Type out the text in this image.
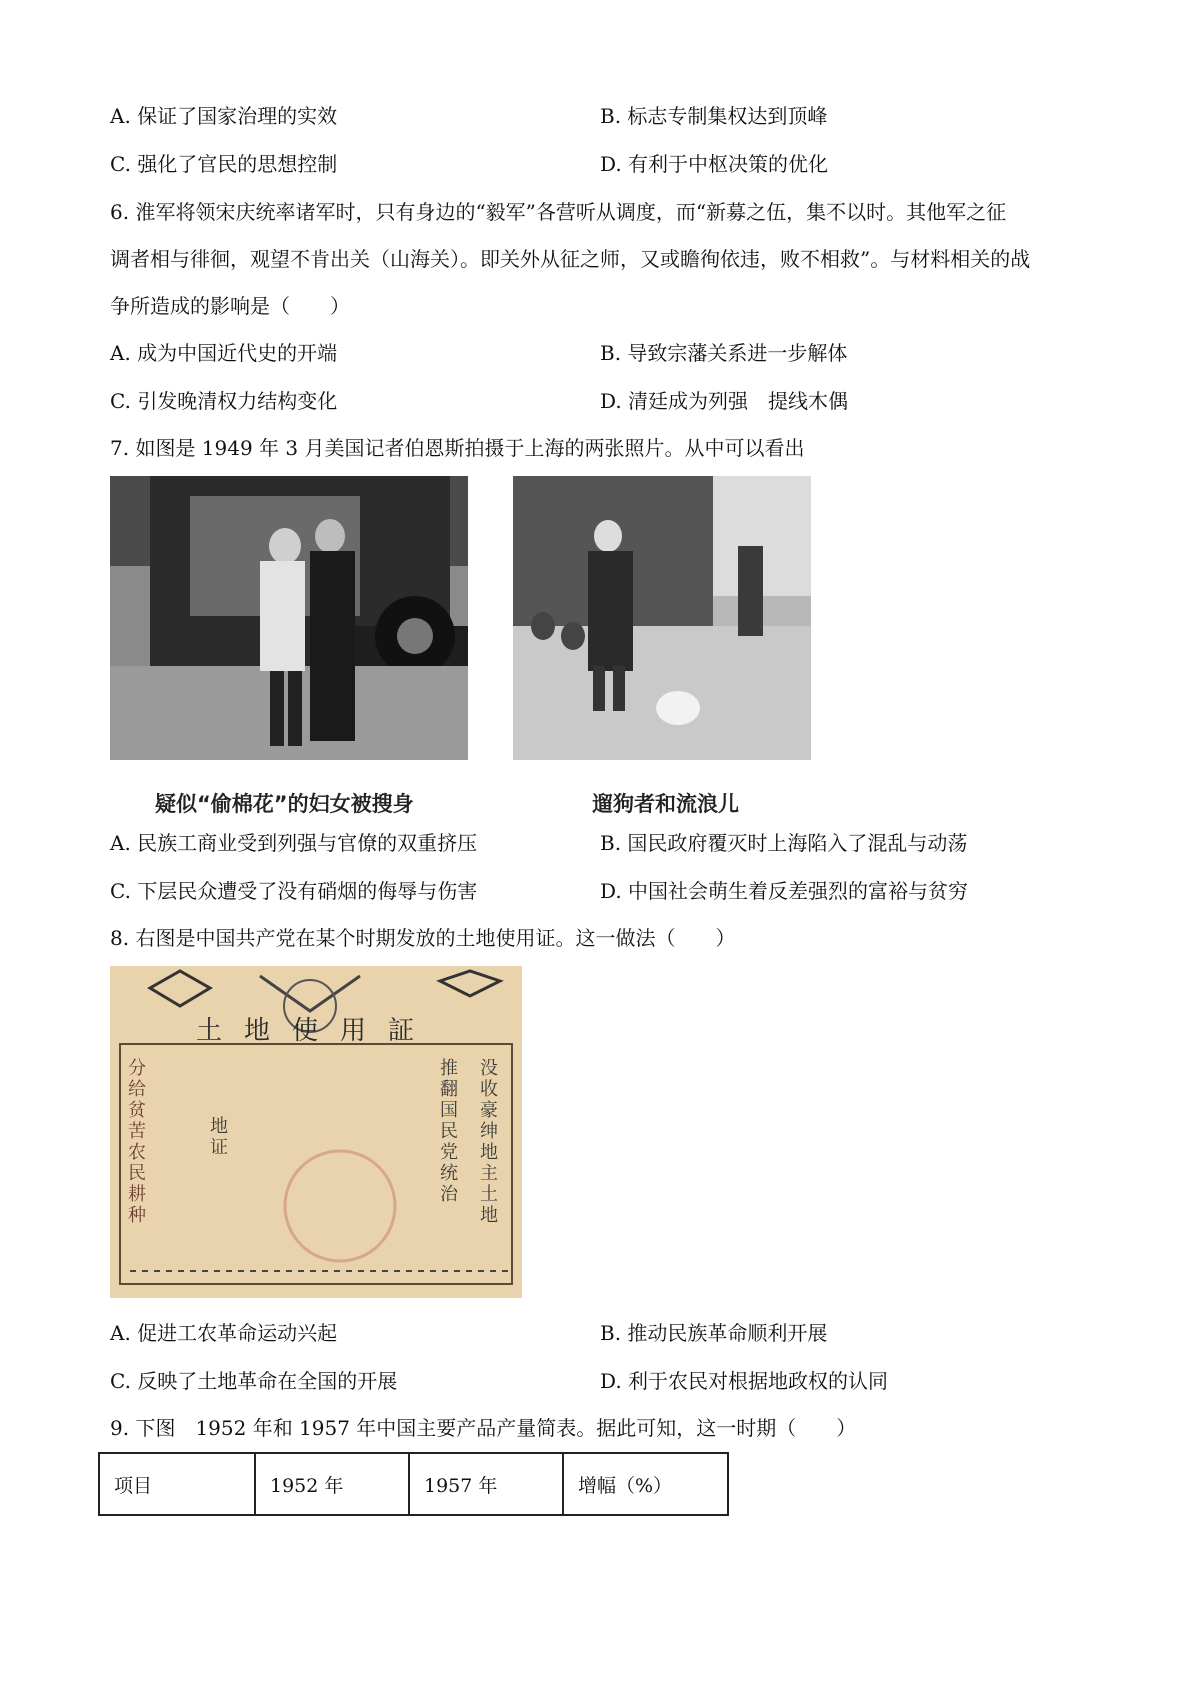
A. 保证了国家治理的实效	B. 标志专制集权达到顶峰
C. 强化了官民的思想控制	D. 有利于中枢决策的优化
6. 淮军将领宋庆统率诸军时，只有身边的“毅军”各营听从调度，而“新募之伍，集不以时。其他军之征
调者相与徘徊，观望不肯出关（山海关）。即关外从征之师，又或瞻徇依违，败不相救”。与材料相关的战
争所造成的影响是（　　）
A. 成为中国近代史的开端	B. 导致宗藩关系进一步解体
C. 引发晚清权力结构变化	D. 清廷成为列强　提线木偶
7. 如图是 1949 年 3 月美国记者伯恩斯拍摄于上海的两张照片。从中可以看出
疑似“偷棉花”的妇女被搜身	遛狗者和流浪儿
A. 民族工商业受到列强与官僚的双重挤压	B. 国民政府覆灭时上海陷入了混乱与动荡
C. 下层民众遭受了没有硝烟的侮辱与伤害	D. 中国社会萌生着反差强烈的富裕与贫穷
8. 右图是中国共产党在某个时期发放的土地使用证。这一做法（　　）
土地使用証
没收豪绅地主土地
推翻国民党统治
分给贫苦农民耕种
地证
A. 促进工农革命运动兴起	B. 推动民族革命顺利开展
C. 反映了土地革命在全国的开展	D. 利于农民对根据地政权的认同
9. 下图　1952 年和 1957 年中国主要产品产量简表。据此可知，这一时期（　　）
项目	1952 年	1957 年	增幅（%）
